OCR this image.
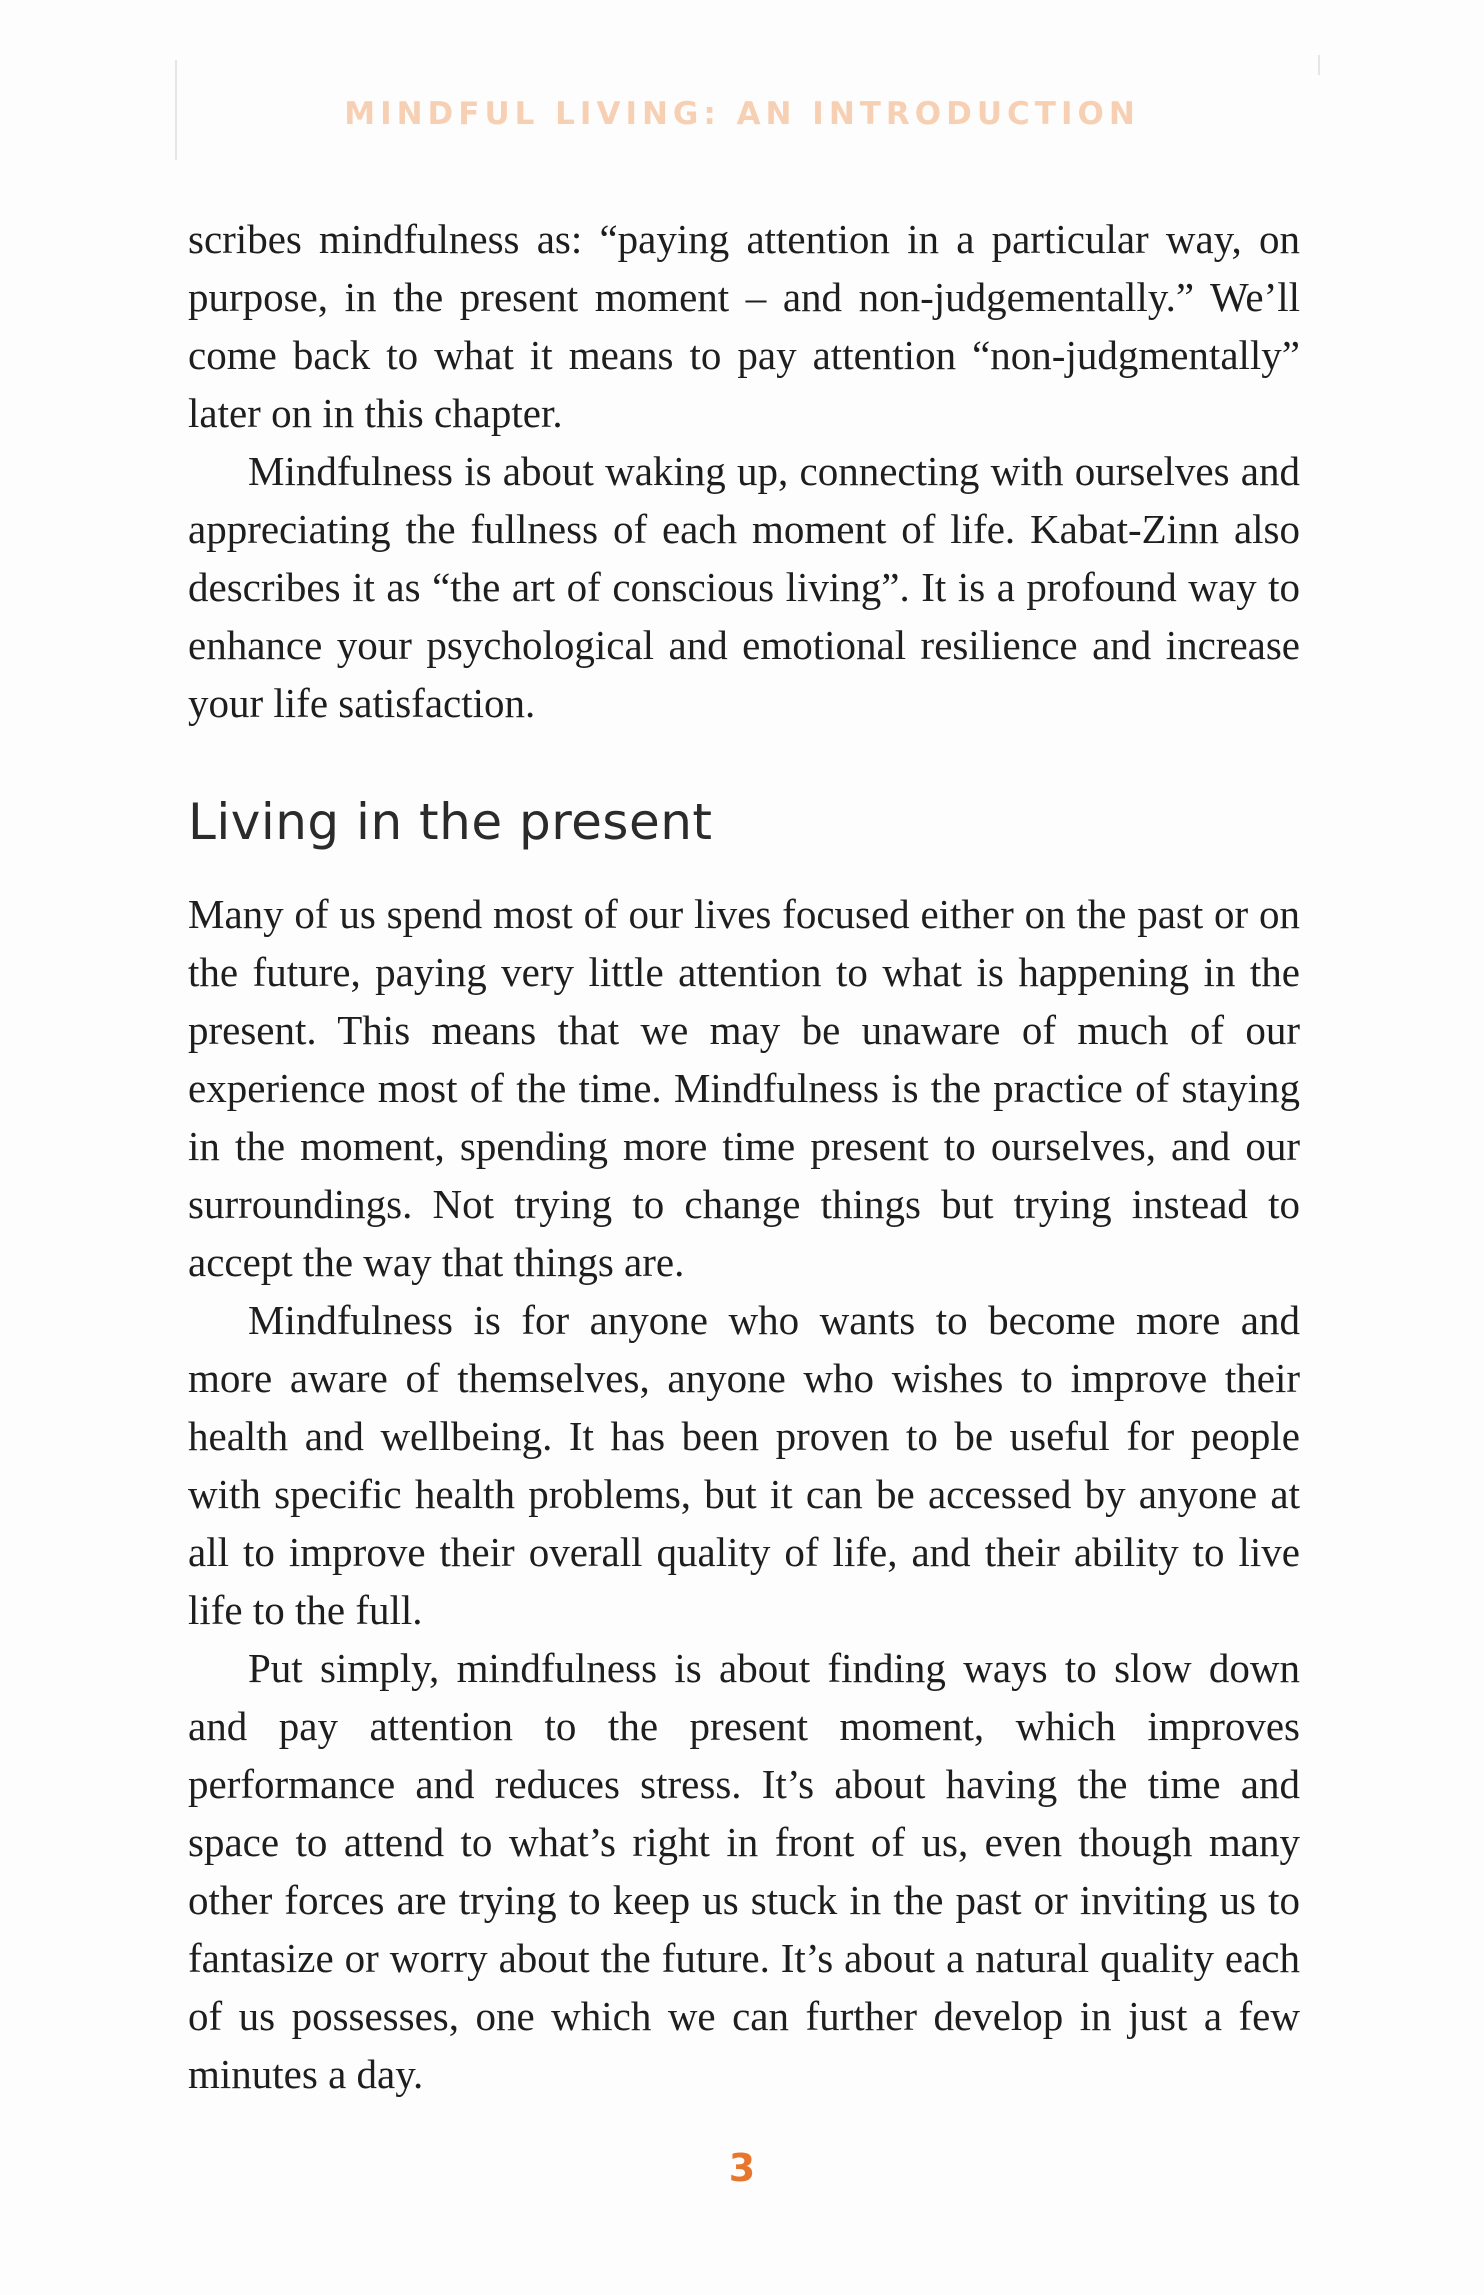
MINDFUL LIVING: AN INTRODUCTION

scribes mindfulness as: “paying attention in a particular way, on purpose, in the present moment – and non-judgementally.” We’ll come back to what it means to pay attention “non-judgmentally” later on in this chapter.

Mindfulness is about waking up, connecting with ourselves and appreciating the fullness of each moment of life. Kabat-Zinn also describes it as “the art of conscious living”. It is a profound way to enhance your psychological and emotional resilience and increase your life satisfaction.

Living in the present

Many of us spend most of our lives focused either on the past or on the future, paying very little attention to what is happening in the present. This means that we may be unaware of much of our experience most of the time. Mindfulness is the practice of staying in the moment, spending more time present to ourselves, and our surroundings. Not trying to change things but trying instead to accept the way that things are.

Mindfulness is for anyone who wants to become more and more aware of themselves, anyone who wishes to improve their health and wellbeing. It has been proven to be useful for people with specific health problems, but it can be accessed by anyone at all to improve their overall quality of life, and their ability to live life to the full.

Put simply, mindfulness is about finding ways to slow down and pay attention to the present moment, which improves performance and reduces stress. It’s about having the time and space to attend to what’s right in front of us, even though many other forces are trying to keep us stuck in the past or inviting us to fantasize or worry about the future. It’s about a natural quality each of us possesses, one which we can further develop in just a few minutes a day.

3
